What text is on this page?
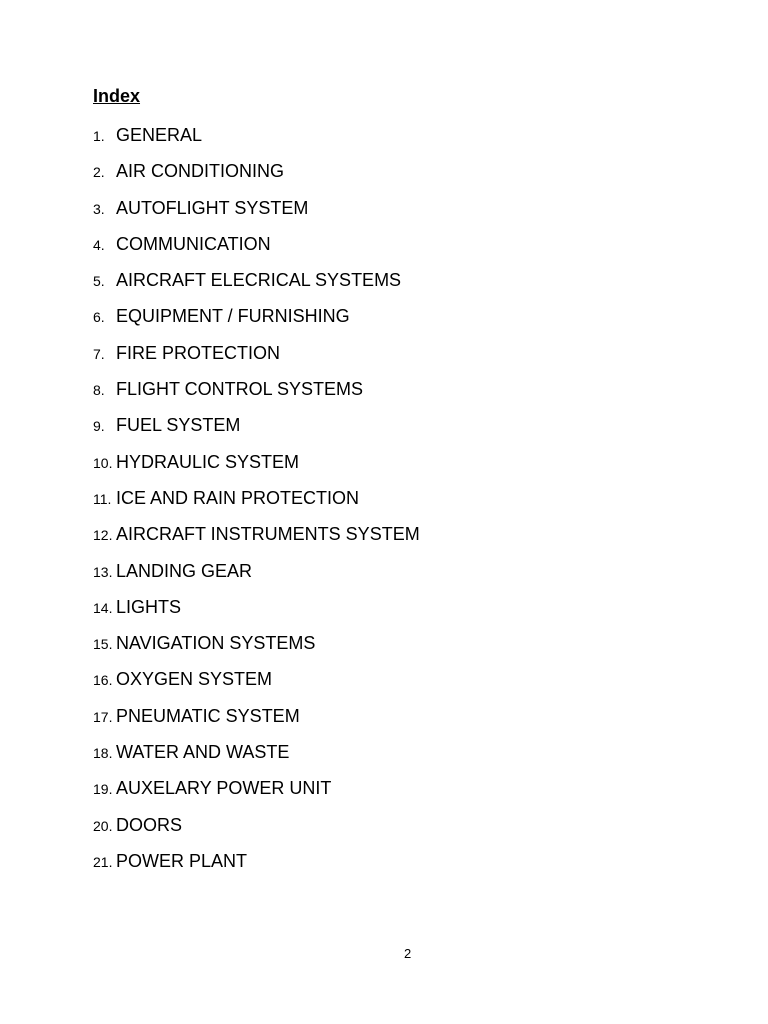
Index
1. GENERAL
2. AIR CONDITIONING
3. AUTOFLIGHT SYSTEM
4. COMMUNICATION
5. AIRCRAFT ELECRICAL SYSTEMS
6. EQUIPMENT / FURNISHING
7. FIRE PROTECTION
8. FLIGHT CONTROL SYSTEMS
9. FUEL SYSTEM
10. HYDRAULIC SYSTEM
11. ICE AND RAIN PROTECTION
12. AIRCRAFT INSTRUMENTS SYSTEM
13. LANDING GEAR
14. LIGHTS
15. NAVIGATION SYSTEMS
16. OXYGEN SYSTEM
17. PNEUMATIC SYSTEM
18. WATER AND WASTE
19. AUXELARY POWER UNIT
20. DOORS
21. POWER PLANT
2
